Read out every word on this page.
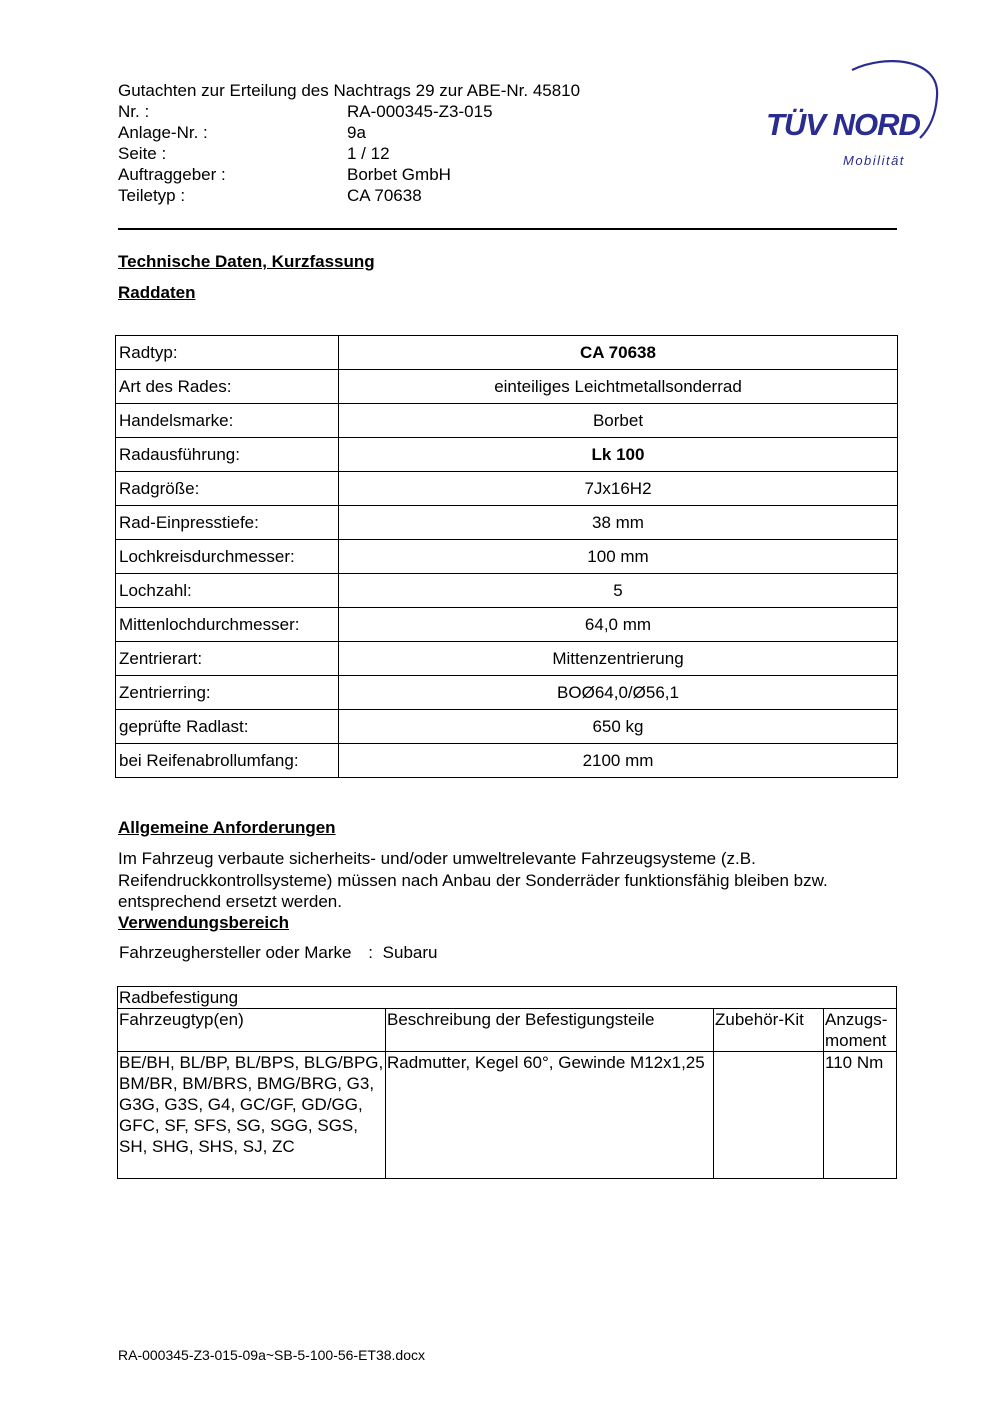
Gutachten zur Erteilung des Nachtrags 29 zur ABE-Nr. 45810
Nr. :	RA-000345-Z3-015
Anlage-Nr. :	9a
Seite :	1 / 12
Auftraggeber :	Borbet GmbH
Teiletyp :	CA 70638
TÜV NORD
Mobilität
Technische Daten, Kurzfassung
Raddaten
Radtyp:	CA 70638
Art des Rades:	einteiliges Leichtmetallsonderrad
Handelsmarke:	Borbet
Radausführung:	Lk 100
Radgröße:	7Jx16H2
Rad-Einpresstiefe:	38 mm
Lochkreisdurchmesser:	100 mm
Lochzahl:	5
Mittenlochdurchmesser:	64,0 mm
Zentrierart:	Mittenzentrierung
Zentrierring:	BOØ64,0/Ø56,1
geprüfte Radlast:	650 kg
bei Reifenabrollumfang:	2100 mm
Allgemeine Anforderungen
Im Fahrzeug verbaute sicherheits- und/oder umweltrelevante Fahrzeugsysteme (z.B. Reifendruckkontrollsysteme) müssen nach Anbau der Sonderräder funktionsfähig bleiben bzw. entsprechend ersetzt werden.
Verwendungsbereich
Fahrzeughersteller oder Marke : Subaru
Radbefestigung			
Fahrzeugtyp(en)	Beschreibung der Befestigungsteile	Zubehör-Kit	Anzugs-moment
BE/BH, BL/BP, BL/BPS, BLG/BPG, BM/BR, BM/BRS, BMG/BRG, G3, G3G, G3S, G4, GC/GF, GD/GG, GFC, SF, SFS, SG, SGG, SGS, SH, SHG, SHS, SJ, ZC	Radmutter, Kegel 60°, Gewinde M12x1,25		110 Nm
RA-000345-Z3-015-09a~SB-5-100-56-ET38.docx
